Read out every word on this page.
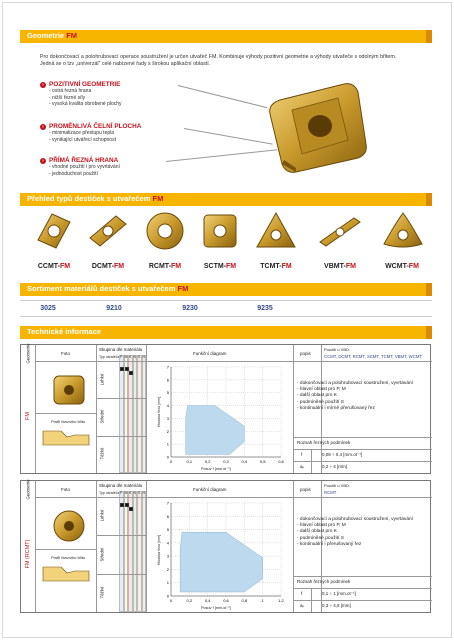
Geometrie FM
Pro dokončovací a polohrubovací operace soustružení je určen utvařeč FM. Kombinuje výhody pozitivní geometrie a výhody utvařeče s odolným břitem. Jedná se o tzv „univerzál“ celé nabízené řady s širokou aplikační oblastí.
› POZITIVNÍ GEOMETRIE
- ostrá řezná hrana
- nižší řezné síly
- vysoká kvalita obrobené plochy
› PROMĚNLIVÁ ČELNÍ PLOCHA
- minimalizace přestupu tepla
- vynikající utvářecí schopnost
› PŘÍMÁ ŘEZNÁ HRANA
- vhodné použití i pro vyvrtávání
- jednoduchost použití
Přehled typů destiček s utvařečem FM
CCMT-FM	DCMT-FM	RCMT-FM	SCTM-FM	TCMT-FM	VBMT-FM	WCMT-FM
Sortiment materiálů destiček s utvařečem FM
3025	9210	9230	9235
Technické informace
Foto
Skupina dle materiálu
Typ utvařeče
Funkční diagram	popis
Použití u VBD:
CCMT, DCMT, RCMT, SCMT, TCMT, VBMT, WCMT
Geometrie
FM
P M K N S H
Lehké
Střední
Těžké
Profil hlavního břitu
0	0,1	0,2	0,3	0,4	0,5	0,6
0
1
2
3
4
5
6
7
Posuv f [mm.ot⁻¹]
Hloubka řezu [mm]
- dokončovací a polohrubovací soustružení, vyvrtávání
- hlavní oblast pro P, M
- další oblast pro K
- podmíněné použití S
- kontinuální i mírně přerušovaný řez
Rozsah řezných podmínek
f	0,08 ÷ 0,4 [mm.ot⁻¹]
aₚ	0,2 ÷ 4 [mm]
Foto
Skupina dle materiálu
Typ utvařeče
Funkční diagram	popis
Použití u VBD:
RCMT
Geometrie
FM (RCMT)
P M K N S H
Lehké
Střední
Těžké
Profil hlavního břitu
0	0,2	0,4	0,6	0,8	1	1,2
0
1
2
3
4
5
6
7
Posuv f [mm.ot⁻¹]
Hloubka řezu [mm]
- dokončovací a polohrubovací soustružení, vyvrtávání
- hlavní oblast pro P, M
- další oblast pro K
- podmíněné použití S
- kontinuální i přerušovaný řez
Rozsah řezných podmínek
f	0,1 ÷ 1 [mm.ot⁻¹]
aₚ	0,3 ÷ 4,8 [mm]
